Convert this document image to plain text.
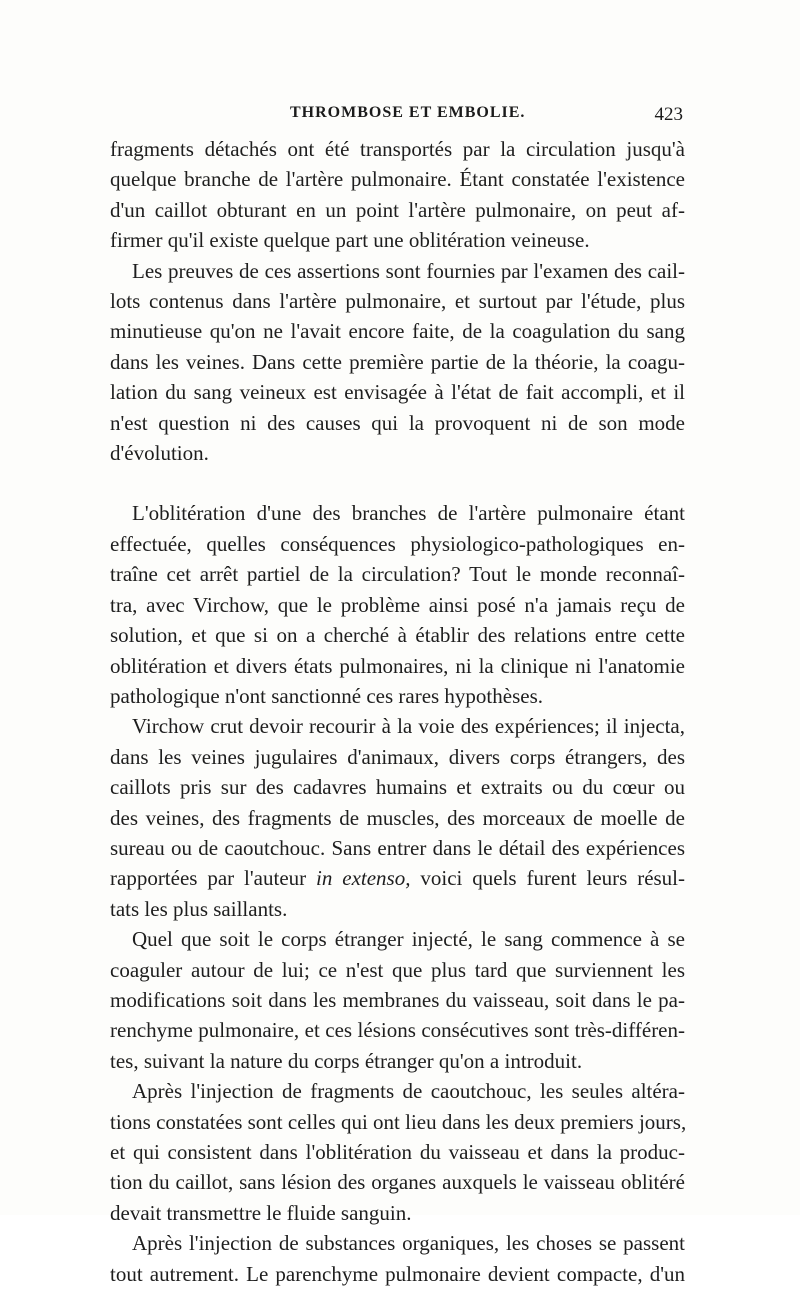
THROMBOSE ET EMBOLIE.	423

fragments détachés ont été transportés par la circulation jusqu'à
quelque branche de l'artère pulmonaire. Étant constatée l'existence
d'un caillot obturant en un point l'artère pulmonaire, on peut af-
firmer qu'il existe quelque part une oblitération veineuse.

Les preuves de ces assertions sont fournies par l'examen des cail-
lots contenus dans l'artère pulmonaire, et surtout par l'étude, plus
minutieuse qu'on ne l'avait encore faite, de la coagulation du sang
dans les veines. Dans cette première partie de la théorie, la coagu-
lation du sang veineux est envisagée à l'état de fait accompli, et il
n'est question ni des causes qui la provoquent ni de son mode
d'évolution.

L'oblitération d'une des branches de l'artère pulmonaire étant
effectuée, quelles conséquences physiologico-pathologiques en-
traîne cet arrêt partiel de la circulation? Tout le monde reconnaî-
tra, avec Virchow, que le problème ainsi posé n'a jamais reçu de
solution, et que si on a cherché à établir des relations entre cette
oblitération et divers états pulmonaires, ni la clinique ni l'anatomie
pathologique n'ont sanctionné ces rares hypothèses.

Virchow crut devoir recourir à la voie des expériences; il injecta,
dans les veines jugulaires d'animaux, divers corps étrangers, des
caillots pris sur des cadavres humains et extraits ou du cœur ou
des veines, des fragments de muscles, des morceaux de moelle de
sureau ou de caoutchouc. Sans entrer dans le détail des expériences
rapportées par l'auteur in extenso, voici quels furent leurs résul-
tats les plus saillants.

Quel que soit le corps étranger injecté, le sang commence à se
coaguler autour de lui; ce n'est que plus tard que surviennent les
modifications soit dans les membranes du vaisseau, soit dans le pa-
renchyme pulmonaire, et ces lésions consécutives sont très-différen-
tes, suivant la nature du corps étranger qu'on a introduit.

Après l'injection de fragments de caoutchouc, les seules altéra-
tions constatées sont celles qui ont lieu dans les deux premiers jours,
et qui consistent dans l'oblitération du vaisseau et dans la produc-
tion du caillot, sans lésion des organes auxquels le vaisseau oblitéré
devait transmettre le fluide sanguin.

Après l'injection de substances organiques, les choses se passent
tout autrement. Le parenchyme pulmonaire devient compacte, d'un
